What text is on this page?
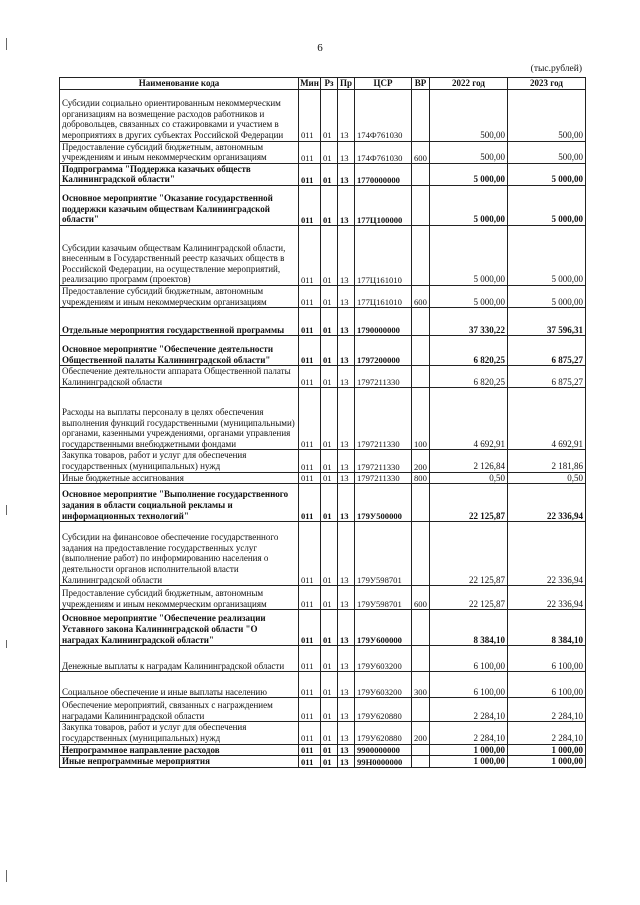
6
(тыс.рублей)
Наименование кода	Мин	Рз	Пр	ЦСР	ВР	2022 год	2023 год
Субсидии социально ориентированным некоммерческим организациям на возмещение расходов работников и добровольцев, связанных со стажировками и участием в мероприятиях в других субъектах Российской Федерации	011	01	13	174Ф761030		500,00	500,00
Предоставление субсидий бюджетным, автономным учреждениям и иным некоммерческим организациям	011	01	13	174Ф761030	600	500,00	500,00
Подпрограмма "Поддержка казачьих обществ Калининградской области"	011	01	13	1770000000		5 000,00	5 000,00
Основное мероприятие "Оказание государственной поддержки казачьим обществам Калининградской области"	011	01	13	177Ц100000		5 000,00	5 000,00
Субсидии казачьим обществам Калининградской области, внесенным в Государственный реестр казачьих обществ в Российской Федерации, на осуществление мероприятий, реализацию программ (проектов)	011	01	13	177Ц161010		5 000,00	5 000,00
Предоставление субсидий бюджетным, автономным учреждениям и иным некоммерческим организациям	011	01	13	177Ц161010	600	5 000,00	5 000,00
Отдельные мероприятия государственной программы	011	01	13	1790000000		37 330,22	37 596,31
Основное мероприятие "Обеспечение деятельности Общественной палаты Калининградской области"	011	01	13	1797200000		6 820,25	6 875,27
Обеспечение деятельности аппарата Общественной палаты Калининградской области	011	01	13	1797211330		6 820,25	6 875,27
Расходы на выплаты персоналу в целях обеспечения выполнения функций государственными (муниципальными) органами, казенными учреждениями, органами управления государственными внебюджетными фондами	011	01	13	1797211330	100	4 692,91	4 692,91
Закупка товаров, работ и услуг для обеспечения государственных (муниципальных) нужд	011	01	13	1797211330	200	2 126,84	2 181,86
Иные бюджетные ассигнования	011	01	13	1797211330	800	0,50	0,50
Основное мероприятие "Выполнение государственного задания в области социальной рекламы и информационных технологий"	011	01	13	179У500000		22 125,87	22 336,94
Субсидии на финансовое обеспечение государственного задания на предоставление государственных услуг (выполнение работ) по информированию населения о деятельности органов исполнительной власти Калининградской области	011	01	13	179У598701		22 125,87	22 336,94
Предоставление субсидий бюджетным, автономным учреждениям и иным некоммерческим организациям	011	01	13	179У598701	600	22 125,87	22 336,94
Основное мероприятие "Обеспечение реализации Уставного закона Калининградской области "О наградах Калининградской области"	011	01	13	179У600000		8 384,10	8 384,10
Денежные выплаты к наградам Калининградской области	011	01	13	179У603200		6 100,00	6 100,00
Социальное обеспечение и иные выплаты населению	011	01	13	179У603200	300	6 100,00	6 100,00
Обеспечение мероприятий, связанных с награждением наградами Калининградской области	011	01	13	179У620880		2 284,10	2 284,10
Закупка товаров, работ и услуг для обеспечения государственных (муниципальных) нужд	011	01	13	179У620880	200	2 284,10	2 284,10
Непрограммное направление расходов	011	01	13	9900000000		1 000,00	1 000,00
Иные непрограммные мероприятия	011	01	13	99Н0000000		1 000,00	1 000,00
